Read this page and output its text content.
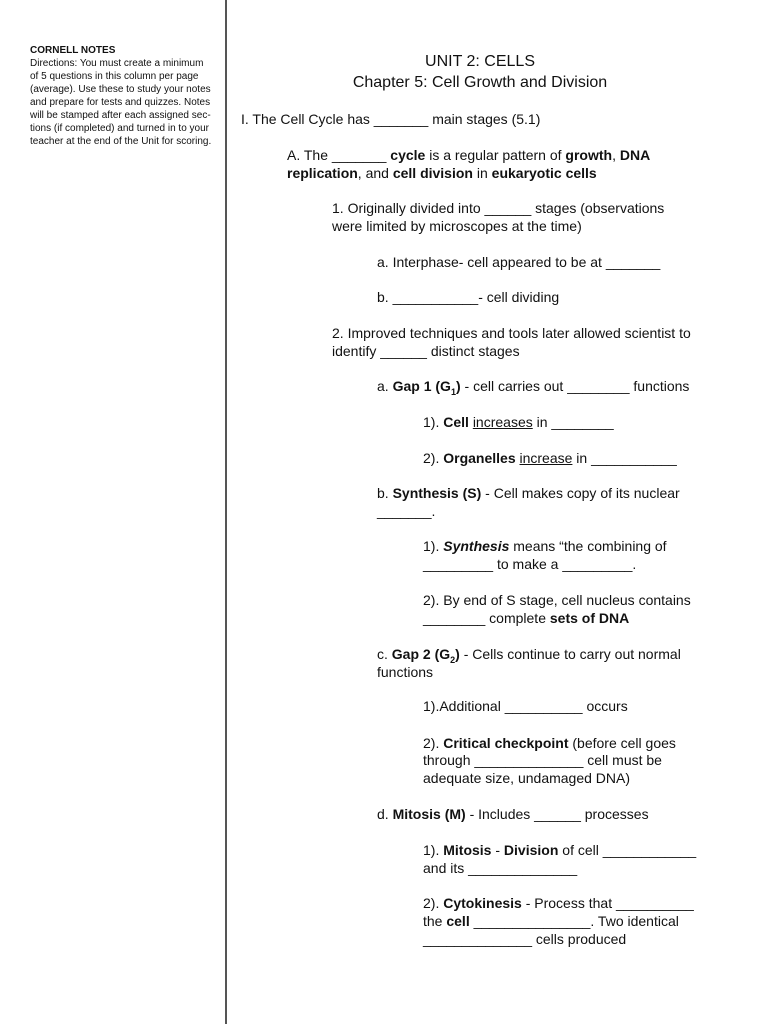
CORNELL NOTES
Directions: You must create a minimum
of 5 questions in this column per page
(average). Use these to study your notes
and prepare for tests and quizzes. Notes
will be stamped after each assigned sec-
tions (if completed) and turned in to your
teacher at the end of the Unit for scoring.
UNIT 2: CELLS
Chapter 5: Cell Growth and Division
I. The Cell Cycle has _______ main stages (5.1)
A. The _______ cycle is a regular pattern of growth, DNA
replication, and cell division in eukaryotic cells
1. Originally divided into ______ stages (observations
were limited by microscopes at the time)
a. Interphase- cell appeared to be at _______
b. ___________- cell dividing
2. Improved techniques and tools later allowed scientist to
identify ______ distinct stages
a. Gap 1 $(G_1)$ - cell carries out ________ functions
1). Cell increases in ________
2). Organelles increase in ___________
b. Synthesis (S) - Cell makes copy of its nuclear
_______.
1). Synthesis means “the combining of
_________ to make a _________.
2). By end of S stage, cell nucleus contains
________ complete sets of DNA
c. Gap 2 $(G_2)$ - Cells continue to carry out normal
functions
1).Additional __________ occurs
2). Critical checkpoint (before cell goes
through ______________ cell must be
adequate size, undamaged DNA)
d. Mitosis (M) - Includes ______ processes
1). Mitosis - Division of cell ____________
and its ______________
2). Cytokinesis - Process that __________
the cell _______________. Two identical
______________ cells produced
